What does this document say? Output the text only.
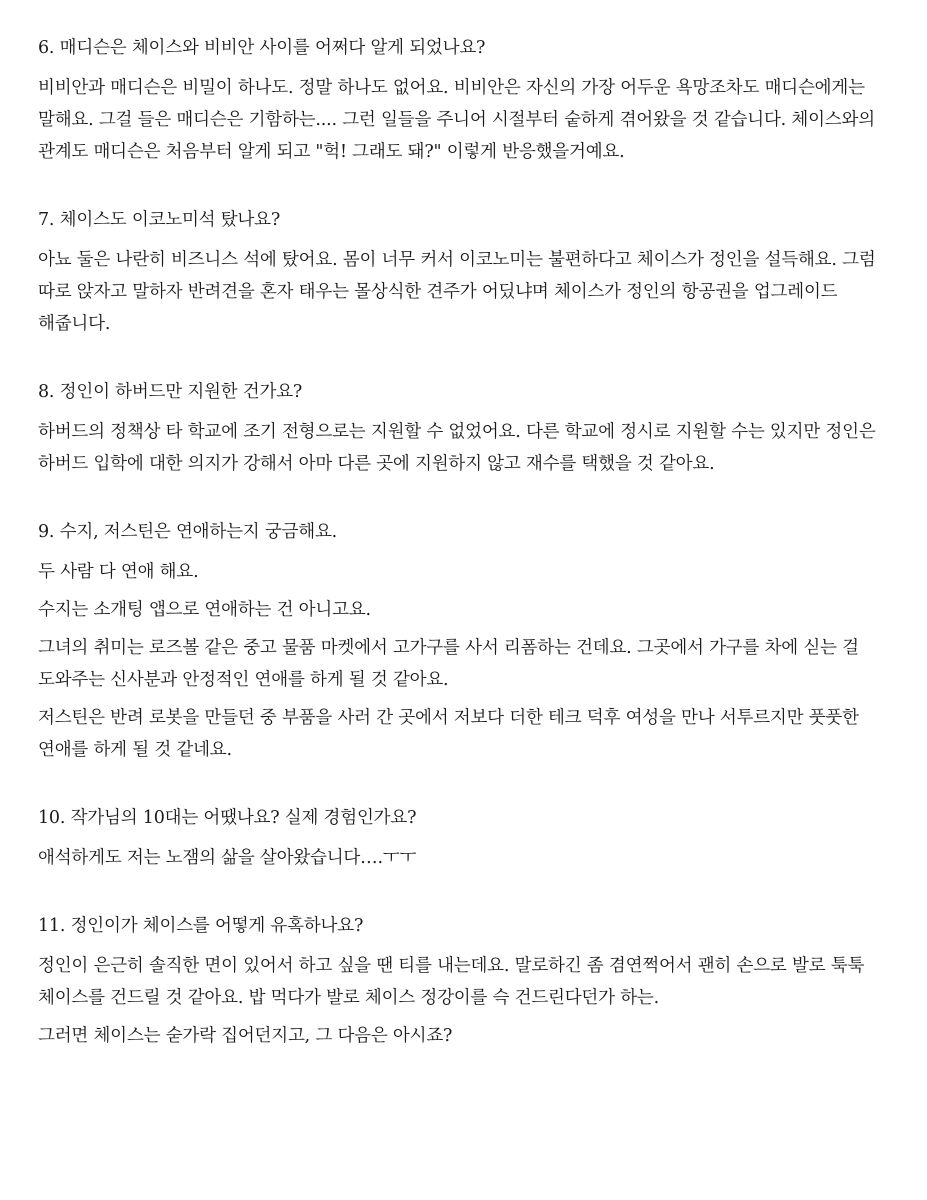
6. 매디슨은 체이스와 비비안 사이를 어쩌다 알게 되었나요?

비비안과 매디슨은 비밀이 하나도. 정말 하나도 없어요. 비비안은 자신의 가장 어두운 욕망조차도 매디슨에게는 말해요. 그걸 들은 매디슨은 기함하는.... 그런 일들을 주니어 시절부터 숱하게 겪어왔을 것 같습니다. 체이스와의 관계도 매디슨은 처음부터 알게 되고 "헉! 그래도 돼?" 이렇게 반응했을거예요.

7. 체이스도 이코노미석 탔나요?

아뇨 둘은 나란히 비즈니스 석에 탔어요. 몸이 너무 커서 이코노미는 불편하다고 체이스가 정인을 설득해요. 그럼 따로 앉자고 말하자 반려견을 혼자 태우는 몰상식한 견주가 어딨냐며 체이스가 정인의 항공권을 업그레이드 해줍니다.

8. 정인이 하버드만 지원한 건가요?

하버드의 정책상 타 학교에 조기 전형으로는 지원할 수 없었어요. 다른 학교에 정시로 지원할 수는 있지만 정인은 하버드 입학에 대한 의지가 강해서 아마 다른 곳에 지원하지 않고 재수를 택했을 것 같아요.

9. 수지, 저스틴은 연애하는지 궁금해요.

두 사람 다 연애 해요.

수지는 소개팅 앱으로 연애하는 건 아니고요.

그녀의 취미는 로즈볼 같은 중고 물품 마켓에서 고가구를 사서 리폼하는 건데요. 그곳에서 가구를 차에 싣는 걸 도와주는 신사분과 안정적인 연애를 하게 될 것 같아요.

저스틴은 반려 로봇을 만들던 중 부품을 사러 간 곳에서 저보다 더한 테크 덕후 여성을 만나 서투르지만 풋풋한 연애를 하게 될 것 같네요.

10. 작가님의 10대는 어땠나요? 실제 경험인가요?

애석하게도 저는 노잼의 삶을 살아왔습니다….ㅜㅜ

11. 정인이가 체이스를 어떻게 유혹하나요?

정인이 은근히 솔직한 면이 있어서 하고 싶을 땐 티를 내는데요. 말로하긴 좀 겸연쩍어서 괜히 손으로 발로 툭툭 체이스를 건드릴 것 같아요. 밥 먹다가 발로 체이스 정강이를 슥 건드린다던가 하는.

그러면 체이스는 숟가락 집어던지고, 그 다음은 아시죠?
